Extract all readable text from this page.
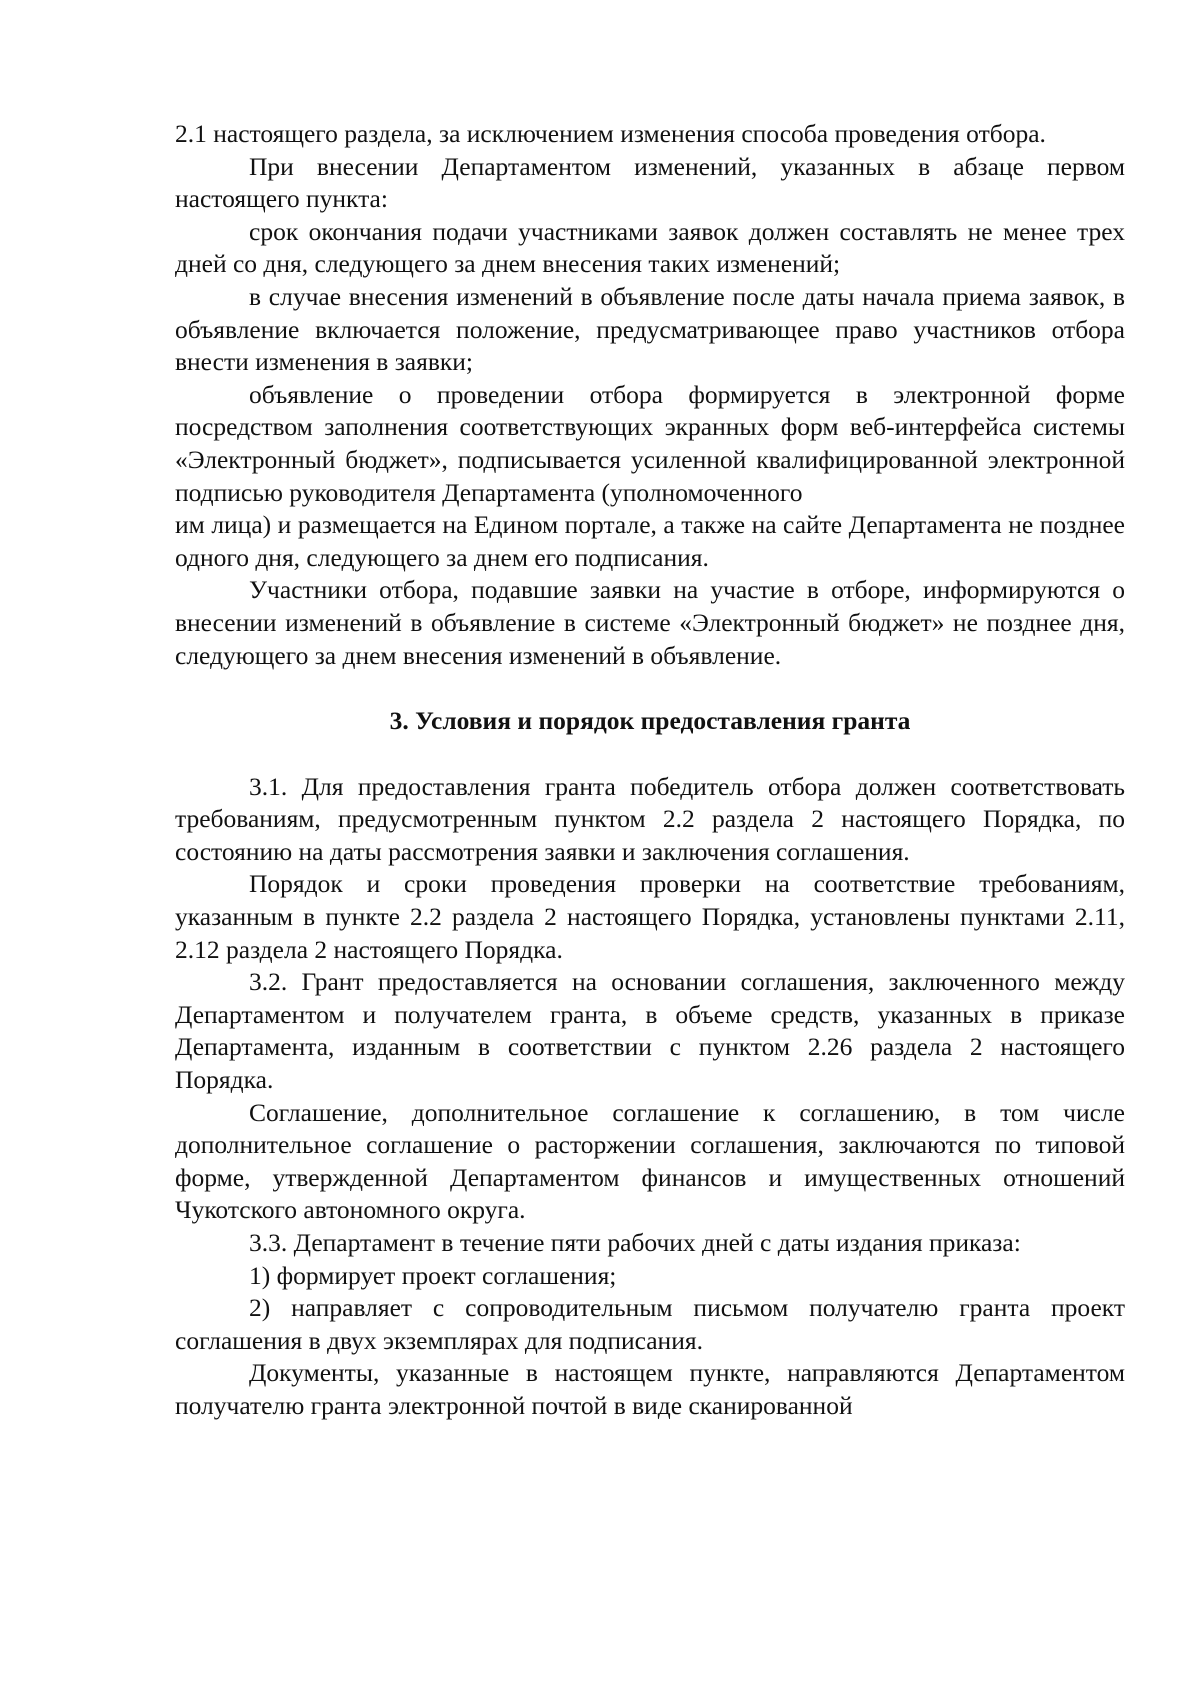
2.1 настоящего раздела, за исключением изменения способа проведения отбора.

При внесении Департаментом изменений, указанных в абзаце первом настоящего пункта:

срок окончания подачи участниками заявок должен составлять не менее трех дней со дня, следующего за днем внесения таких изменений;

в случае внесения изменений в объявление после даты начала приема заявок, в объявление включается положение, предусматривающее право участников отбора внести изменения в заявки;

объявление о проведении отбора формируется в электронной форме посредством заполнения соответствующих экранных форм веб-интерфейса системы «Электронный бюджет», подписывается усиленной квалифицированной электронной подписью руководителя Департамента (уполномоченного

им лица) и размещается на Едином портале, а также на сайте Департамента не позднее одного дня, следующего за днем его подписания.

Участники отбора, подавшие заявки на участие в отборе, информируются о внесении изменений в объявление в системе «Электронный бюджет» не позднее дня, следующего за днем внесения изменений в объявление.

3. Условия и порядок предоставления гранта

3.1. Для предоставления гранта победитель отбора должен соответствовать требованиям, предусмотренным пунктом 2.2 раздела 2 настоящего Порядка, по состоянию на даты рассмотрения заявки и заключения соглашения.

Порядок и сроки проведения проверки на соответствие требованиям, указанным в пункте 2.2 раздела 2 настоящего Порядка, установлены пунктами 2.11, 2.12 раздела 2 настоящего Порядка.

3.2. Грант предоставляется на основании соглашения, заключенного между Департаментом и получателем гранта, в объеме средств, указанных в приказе Департамента, изданным в соответствии с пунктом 2.26 раздела 2 настоящего Порядка.

Соглашение, дополнительное соглашение к соглашению, в том числе дополнительное соглашение о расторжении соглашения, заключаются по типовой форме, утвержденной Департаментом финансов и имущественных отношений Чукотского автономного округа.

3.3. Департамент в течение пяти рабочих дней с даты издания приказа:

1) формирует проект соглашения;

2) направляет с сопроводительным письмом получателю гранта проект соглашения в двух экземплярах для подписания.

Документы, указанные в настоящем пункте, направляются Департаментом получателю гранта электронной почтой в виде сканированной
